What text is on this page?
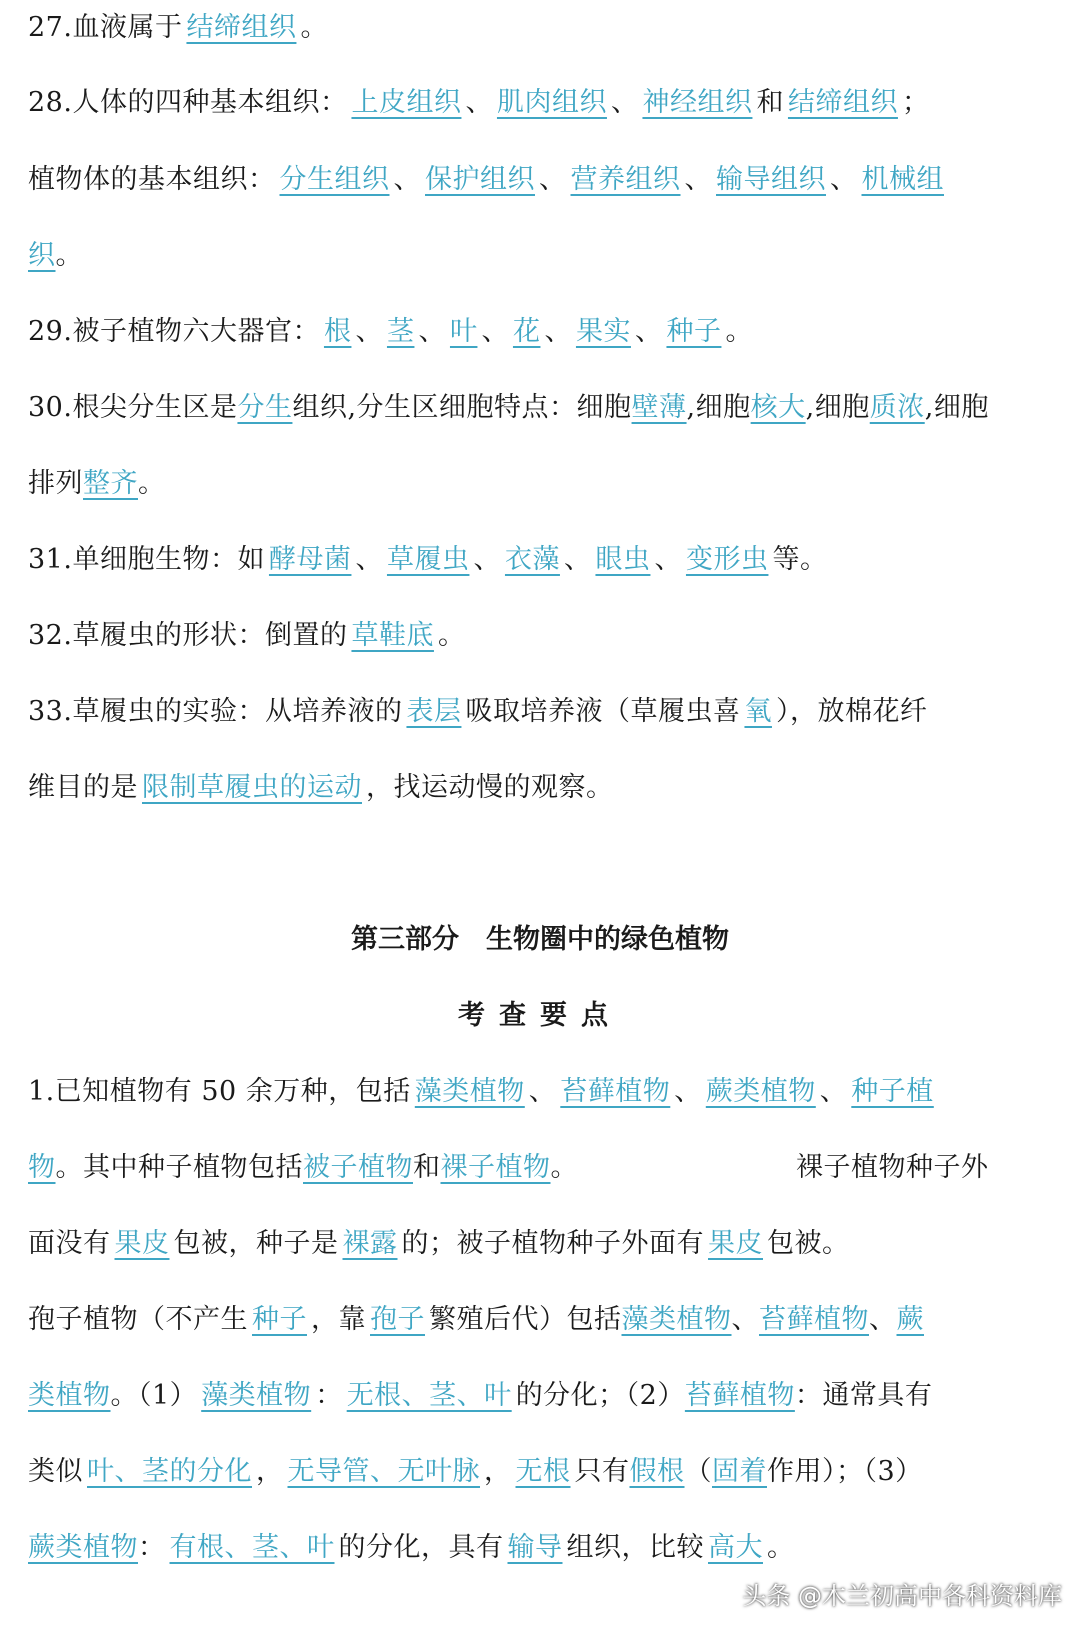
27.血液属于 结缔组织 。
28.人体的四种基本组织： 上皮组织 、 肌肉组织 、 神经组织 和 结缔组织 ；
植物体的基本组织： 分生组织 、 保护组织 、 营养组织 、 输导组织 、 机械组
织。
29.被子植物六大器官： 根 、 茎 、 叶 、 花 、 果实 、 种子 。
30.根尖分生区是分生组织,分生区细胞特点：细胞壁薄,细胞核大,细胞质浓,细胞
排列整齐。
31.单细胞生物：如 酵母菌 、 草履虫 、 衣藻 、 眼虫 、 变形虫 等。
32.草履虫的形状：倒置的 草鞋底 。
33.草履虫的实验：从培养液的 表层 吸取培养液（草履虫喜 氧 ），放棉花纤
维目的是 限制草履虫的运动 ，找运动慢的观察。
第三部分　生物圈中的绿色植物
考查要点
1.已知植物有 50 余万种，包括 藻类植物 、 苔藓植物 、 蕨类植物 、 种子植
物。其中种子植物包括被子植物和裸子植物。	裸子植物种子外
面没有 果皮 包被，种子是 裸露 的；被子植物种子外面有 果皮 包被。
孢子植物（不产生 种子 ，靠 孢子 繁殖后代）包括藻类植物、苔藓植物、蕨
类植物。（1） 藻类植物 ： 无根、茎、叶 的分化；（2）苔藓植物：通常具有
类似 叶、茎的分化 ， 无导管、无叶脉 ， 无根 只有假根（固着作用）；（3）
蕨类植物： 有根、茎、叶 的分化，具有 输导 组织，比较 高大 。
头条 @木兰初高中各科资料库
